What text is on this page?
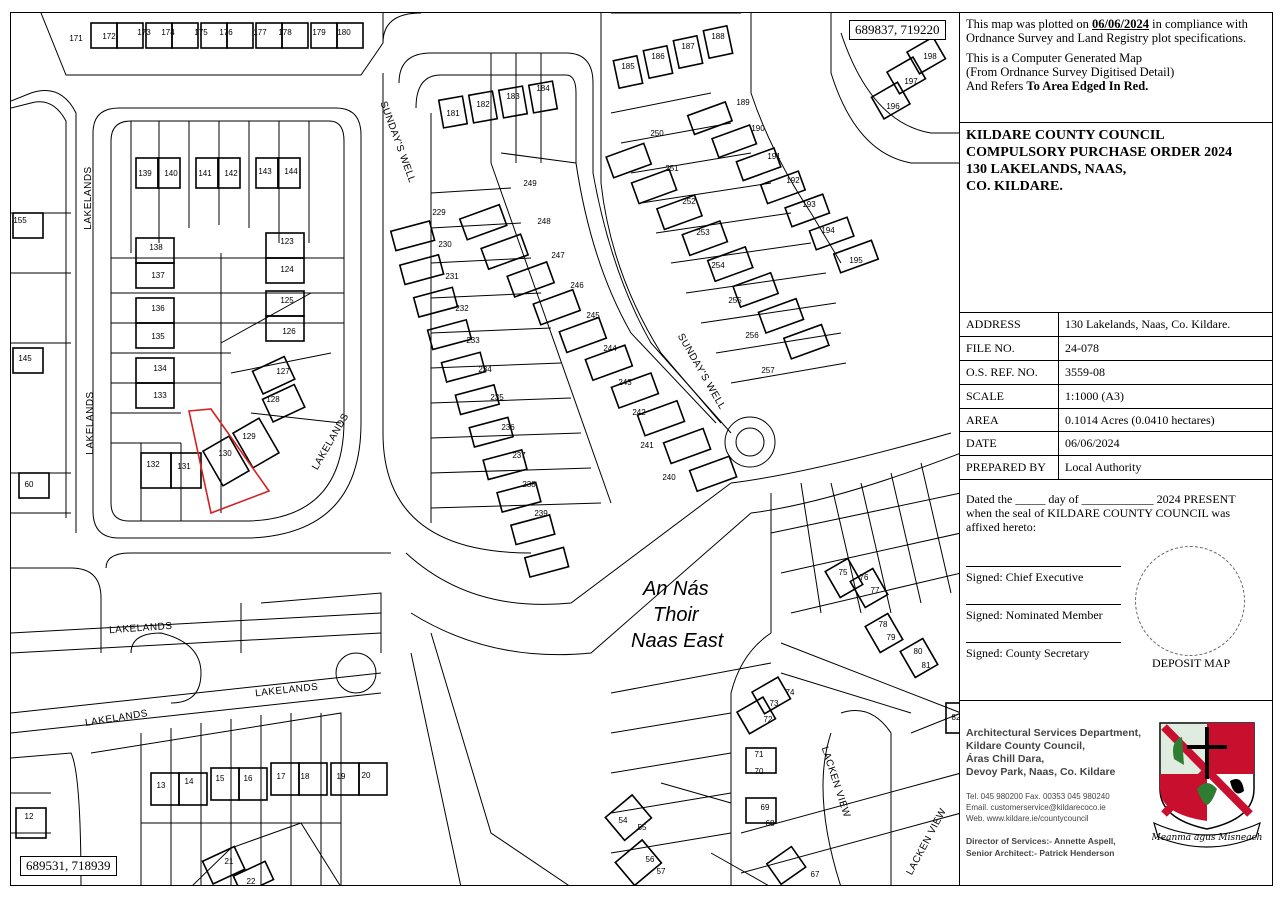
171 172	173 174 175 176	177 178	179 180
139 140	141 142	143 144
138
137
136
135
134
133
132 131
130
129
123
124
125
126
127
128
145
60
155
181
182
183
184
185
186
187
188
189
190
191
192
193
194
195
196
197
198
229
230
231
232
233
234
235
236
237
238
239
240
241
242
243
244
245
246
247
248
249
250
251
252
253
254
255
256
257
13 14	15 16	17 18	19 20
21
22
12	54
55
56
57	67
68
69
70
71
72
73
74
75
76
77
78
79
80
81
82
LAKELANDS
LAKELANDS	LAKELANDS
LAKELANDS
LAKELANDS
LAKELANDS
SUNDAY'S WELL
SUNDAY'S WELL
LACKEN VIEW
LACKEN VIEW
689837, 719220
689531, 718939
An Nás
Thoir
Naas East

This map was plotted on 06/06/2024 in compliance with Ordnance Survey and Land Registry plot specifications.

This is a Computer Generated Map
(From Ordnance Survey Digitised Detail)
And Refers To Area Edged In Red.

KILDARE COUNTY COUNCIL
COMPULSORY PURCHASE ORDER 2024
130 LAKELANDS, NAAS,
CO. KILDARE.
ADDRESS	130 Lakelands, Naas, Co. Kildare.
FILE NO.	24-078
O.S. REF. NO.	3559-08
SCALE	1:1000 (A3)
AREA	0.1014 Acres (0.0410 hectares)
DATE	06/06/2024
PREPARED BY	Local Authority
Dated the _____ day of ____________ 2024 PRESENT when the seal of KILDARE COUNTY COUNCIL was affixed hereto:
Signed: Chief Executive
Signed: Nominated Member
Signed: County Secretary
DEPOSIT MAP
Architectural Services Department,
Kildare County Council,
Áras Chill Dara,
Devoy Park, Naas, Co. Kildare
Tel. 045 980200 Fax. 00353 045 980240
Email. customerservice@kildarecoco.ie
Web. www.kildare.ie/countycouncil
Director of Services:- Annette Aspell,
Senior Architect:- Patrick Henderson
Meanma agus Misneach
